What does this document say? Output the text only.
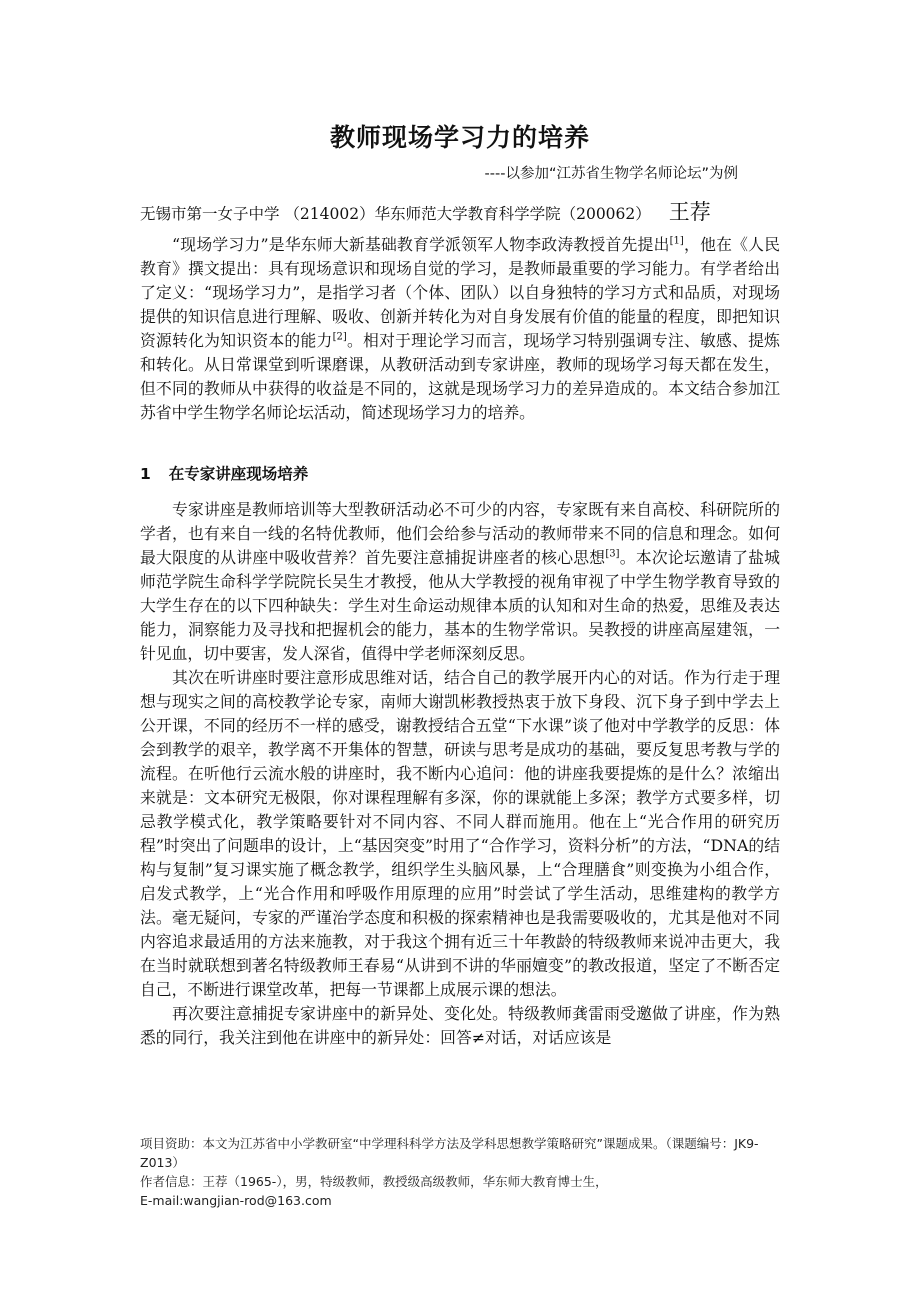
教师现场学习力的培养
----以参加“江苏省生物学名师论坛”为例
无锡市第一女子中学 （214002）华东师范大学教育科学学院（200062） 王荐

“现场学习力”是华东师大新基础教育学派领军人物李政涛教授首先提出[1]，他在《人民教育》撰文提出：具有现场意识和现场自觉的学习，是教师最重要的学习能力。有学者给出了定义：“现场学习力”，是指学习者（个体、团队）以自身独特的学习方式和品质，对现场提供的知识信息进行理解、吸收、创新并转化为对自身发展有价值的能量的程度，即把知识资源转化为知识资本的能力[2]。相对于理论学习而言，现场学习特别强调专注、敏感、提炼和转化。从日常课堂到听课磨课，从教研活动到专家讲座，教师的现场学习每天都在发生，但不同的教师从中获得的收益是不同的，这就是现场学习力的差异造成的。本文结合参加江苏省中学生物学名师论坛活动，简述现场学习力的培养。

1 在专家讲座现场培养

专家讲座是教师培训等大型教研活动必不可少的内容，专家既有来自高校、科研院所的学者，也有来自一线的名特优教师，他们会给参与活动的教师带来不同的信息和理念。如何最大限度的从讲座中吸收营养？首先要注意捕捉讲座者的核心思想[3]。本次论坛邀请了盐城师范学院生命科学学院院长吴生才教授，他从大学教授的视角审视了中学生物学教育导致的大学生存在的以下四种缺失：学生对生命运动规律本质的认知和对生命的热爱，思维及表达能力，洞察能力及寻找和把握机会的能力，基本的生物学常识。吴教授的讲座高屋建瓴，一针见血，切中要害，发人深省，值得中学老师深刻反思。

其次在听讲座时要注意形成思维对话，结合自己的教学展开内心的对话。作为行走于理想与现实之间的高校教学论专家，南师大谢凯彬教授热衷于放下身段、沉下身子到中学去上公开课，不同的经历不一样的感受，谢教授结合五堂“下水课”谈了他对中学教学的反思：体会到教学的艰辛，教学离不开集体的智慧，研读与思考是成功的基础，要反复思考教与学的流程。在听他行云流水般的讲座时，我不断内心追问：他的讲座我要提炼的是什么？浓缩出来就是：文本研究无极限，你对课程理解有多深，你的课就能上多深；教学方式要多样，切忌教学模式化，教学策略要针对不同内容、不同人群而施用。他在上“光合作用的研究历程”时突出了问题串的设计，上“基因突变”时用了“合作学习，资料分析”的方法，“DNA的结构与复制”复习课实施了概念教学，组织学生头脑风暴，上“合理膳食”则变换为小组合作，启发式教学，上“光合作用和呼吸作用原理的应用”时尝试了学生活动，思维建构的教学方法。毫无疑问，专家的严谨治学态度和积极的探索精神也是我需要吸收的，尤其是他对不同内容追求最适用的方法来施教，对于我这个拥有近三十年教龄的特级教师来说冲击更大，我在当时就联想到著名特级教师王春易“从讲到不讲的华丽嬗变”的教改报道，坚定了不断否定自己，不断进行课堂改革，把每一节课都上成展示课的想法。

再次要注意捕捉专家讲座中的新异处、变化处。特级教师龚雷雨受邀做了讲座，作为熟悉的同行，我关注到他在讲座中的新异处：回答≠对话，对话应该是

项目资助：本文为江苏省中小学教研室“中学理科科学方法及学科思想教学策略研究”课题成果。（课题编号：JK9-Z013）
作者信息：王荐（1965-），男，特级教师，教授级高级教师，华东师大教育博士生，
E-mail:wangjian-rod@163.com
